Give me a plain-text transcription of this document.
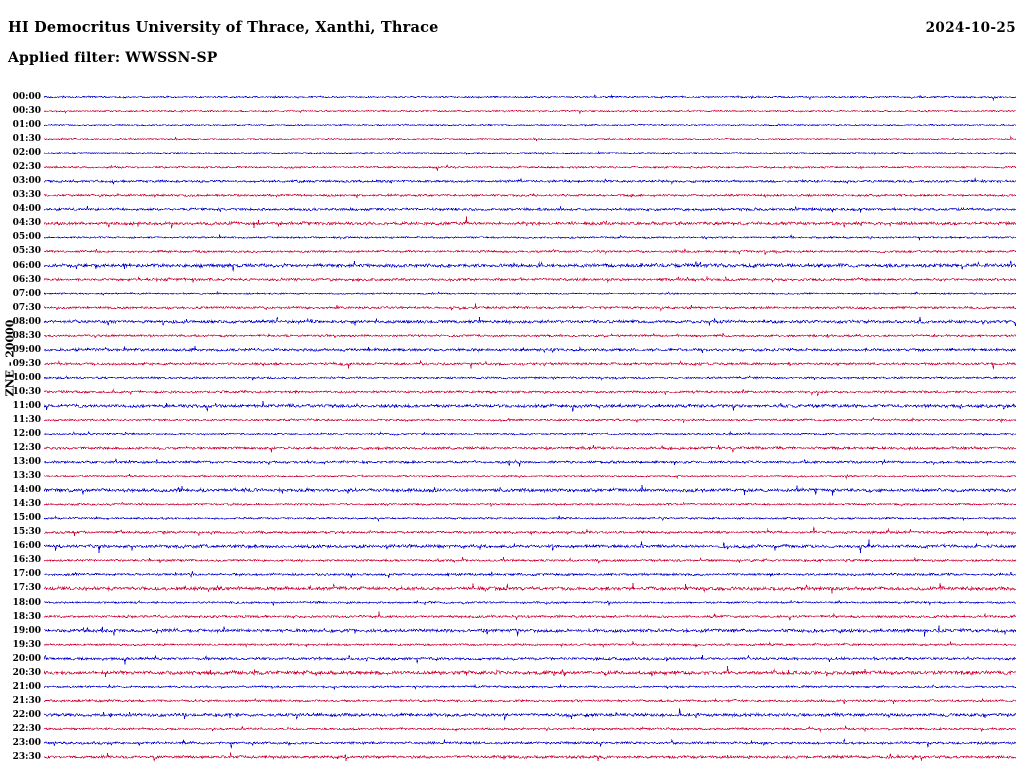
HI Democritus University of Thrace, Xanthi, Thrace	2024-10-25
Applied filter: WWSSN-SP
ZNE - 20000
00:00
00:30
01:00
01:30
02:00
02:30
03:00
03:30
04:00
04:30
05:00
05:30
06:00
06:30
07:00
07:30
08:00
08:30
09:00
09:30
10:00
10:30
11:00
11:30
12:00
12:30
13:00
13:30
14:00
14:30
15:00
15:30
16:00
16:30
17:00
17:30
18:00
18:30
19:00
19:30
20:00
20:30
21:00
21:30
22:00
22:30
23:00
23:30
